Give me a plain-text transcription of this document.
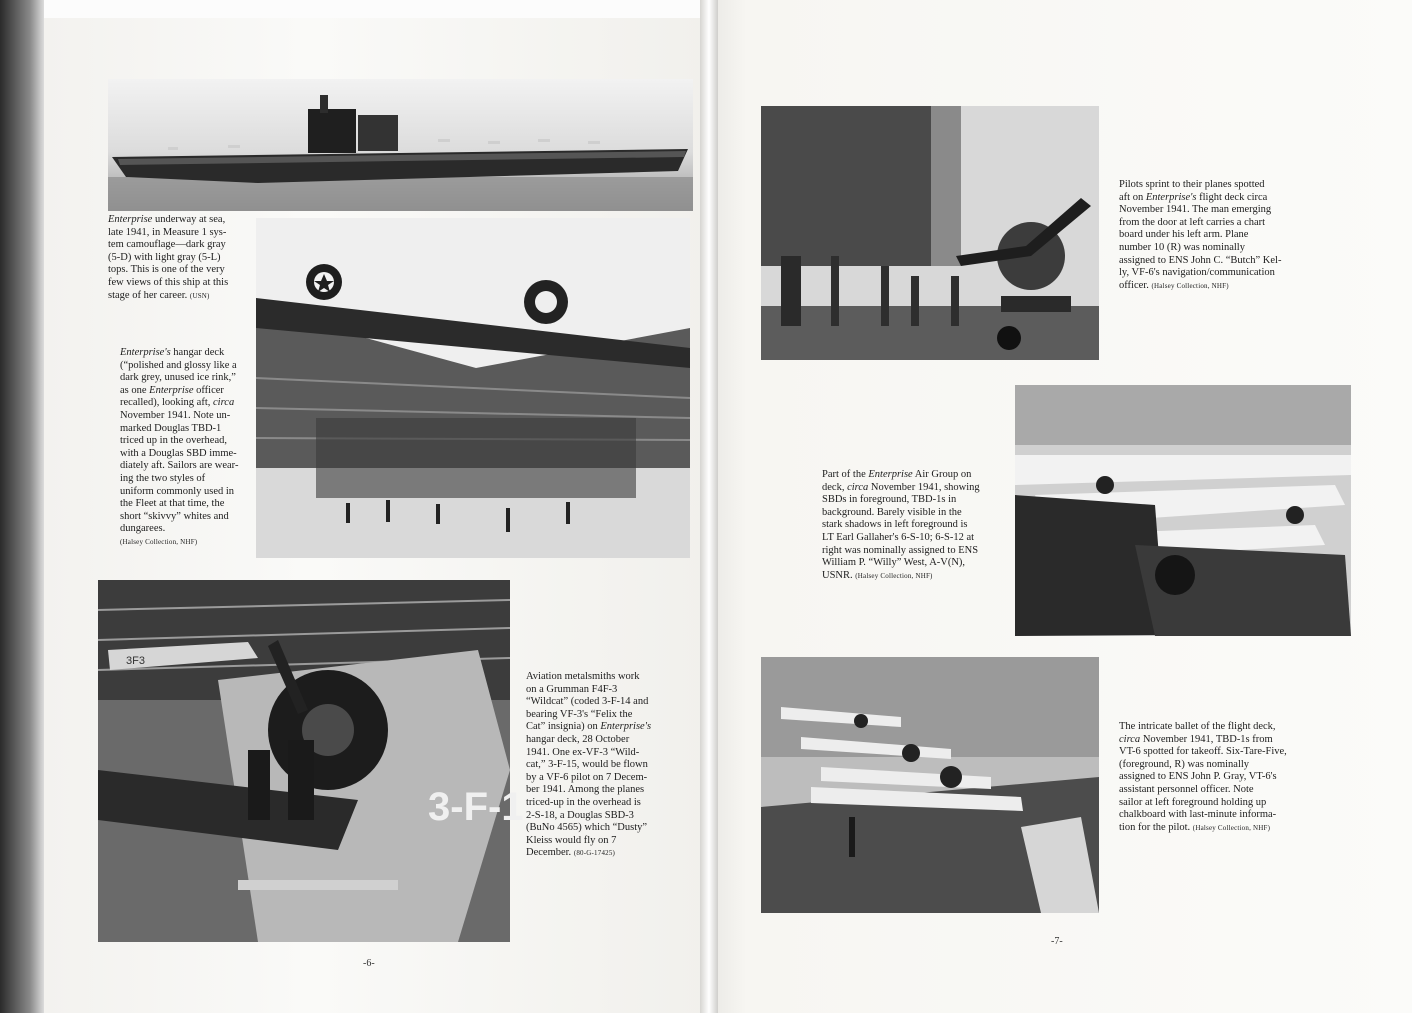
3-F-1
3F3
Enterprise underway at sea,
late 1941, in Measure 1 sys-
tem camouflage—dark gray
(5-D) with light gray (5-L)
tops. This is one of the very
few views of this ship at this
stage of her career. (USN)
Enterprise's hangar deck
(“polished and glossy like a
dark grey, unused ice rink,”
as one Enterprise officer
recalled), looking aft, circa
November 1941. Note un-
marked Douglas TBD-1
triced up in the overhead,
with a Douglas SBD imme-
diately aft. Sailors are wear-
ing the two styles of
uniform commonly used in
the Fleet at that time, the
short “skivvy” whites and
dungarees.
(Halsey Collection, NHF)
Aviation metalsmiths work
on a Grumman F4F-3
“Wildcat” (coded 3-F-14 and
bearing VF-3's “Felix the
Cat” insignia) on Enterprise's
hangar deck, 28 October
1941. One ex-VF-3 “Wild-
cat,” 3-F-15, would be flown
by a VF-6 pilot on 7 Decem-
ber 1941. Among the planes
triced-up in the overhead is
2-S-18, a Douglas SBD-3
(BuNo 4565) which “Dusty”
Kleiss would fly on 7
December. (80-G-17425)
-6-
Pilots sprint to their planes spotted
aft on Enterprise's flight deck circa
November 1941. The man emerging
from the door at left carries a chart
board under his left arm. Plane
number 10 (R) was nominally
assigned to ENS John C. “Butch” Kel-
ly, VF-6's navigation/communication
officer. (Halsey Collection, NHF)
Part of the Enterprise Air Group on
deck, circa November 1941, showing
SBDs in foreground, TBD-1s in
background. Barely visible in the
stark shadows in left foreground is
LT Earl Gallaher's 6-S-10; 6-S-12 at
right was nominally assigned to ENS
William P. “Willy” West, A-V(N),
USNR. (Halsey Collection, NHF)
The intricate ballet of the flight deck,
circa November 1941, TBD-1s from
VT-6 spotted for takeoff. Six-Tare-Five,
(foreground, R) was nominally
assigned to ENS John P. Gray, VT-6's
assistant personnel officer. Note
sailor at left foreground holding up
chalkboard with last-minute informa-
tion for the pilot. (Halsey Collection, NHF)
-7-
